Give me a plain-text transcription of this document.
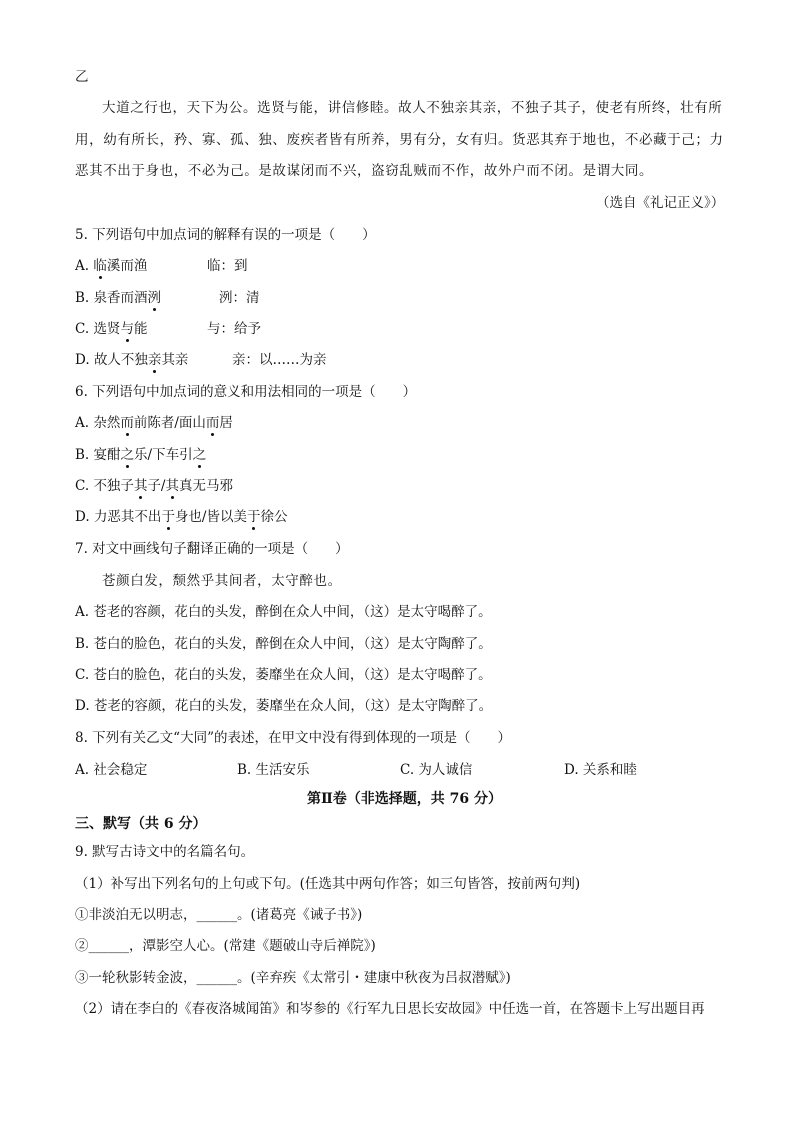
乙
大道之行也，天下为公。选贤与能，讲信修睦。故人不独亲其亲，不独子其子，使老有所终，壮有所
用，幼有所长，矜、寡、孤、独、废疾者皆有所养，男有分，女有归。货恶其弃于地也，不必藏于己；力
恶其不出于身也，不必为己。是故谋闭而不兴，盗窃乱贼而不作，故外户而不闭。是谓大同。
（选自《礼记正义》）
5. 下列语句中加点词的解释有误的一项是（　　）
A. 临溪而渔	临：到
B. 泉香而酒洌	洌：清
C. 选贤与能	与：给予
D. 故人不独亲其亲	亲：以……为亲
6. 下列语句中加点词的意义和用法相同的一项是（　　）
A. 杂然而前陈者/面山而居
B. 宴酣之乐/下车引之
C. 不独子其子/其真无马邪
D. 力恶其不出于身也/皆以美于徐公
7. 对文中画线句子翻译正确的一项是（　　）
苍颜白发，颓然乎其间者，太守醉也。
A. 苍老的容颜，花白的头发，醉倒在众人中间，（这）是太守喝醉了。
B. 苍白的脸色，花白的头发，醉倒在众人中间，（这）是太守陶醉了。
C. 苍白的脸色，花白的头发，萎靡坐在众人间，（这）是太守喝醉了。
D. 苍老的容颜，花白的头发，萎靡坐在众人间，（这）是太守陶醉了。
8. 下列有关乙文“大同”的表述，在甲文中没有得到体现的一项是（　　）
A. 社会稳定	B. 生活安乐	C. 为人诚信	D. 关系和睦
第Ⅱ卷（非选择题，共 76 分）
三、默写（共 6 分）
9. 默写古诗文中的名篇名句。
（1）补写出下列名句的上句或下句。(任选其中两句作答；如三句皆答，按前两句判)
①非淡泊无以明志，______。(诸葛亮《诫子书》)
②______，潭影空人心。(常建《题破山寺后禅院》)
③一轮秋影转金波，______。(辛弃疾《太常引・建康中秋夜为吕叔潜赋》)
（2）请在李白的《春夜洛城闻笛》和岑参的《行军九日思长安故园》中任选一首，在答题卡上写出题目再
